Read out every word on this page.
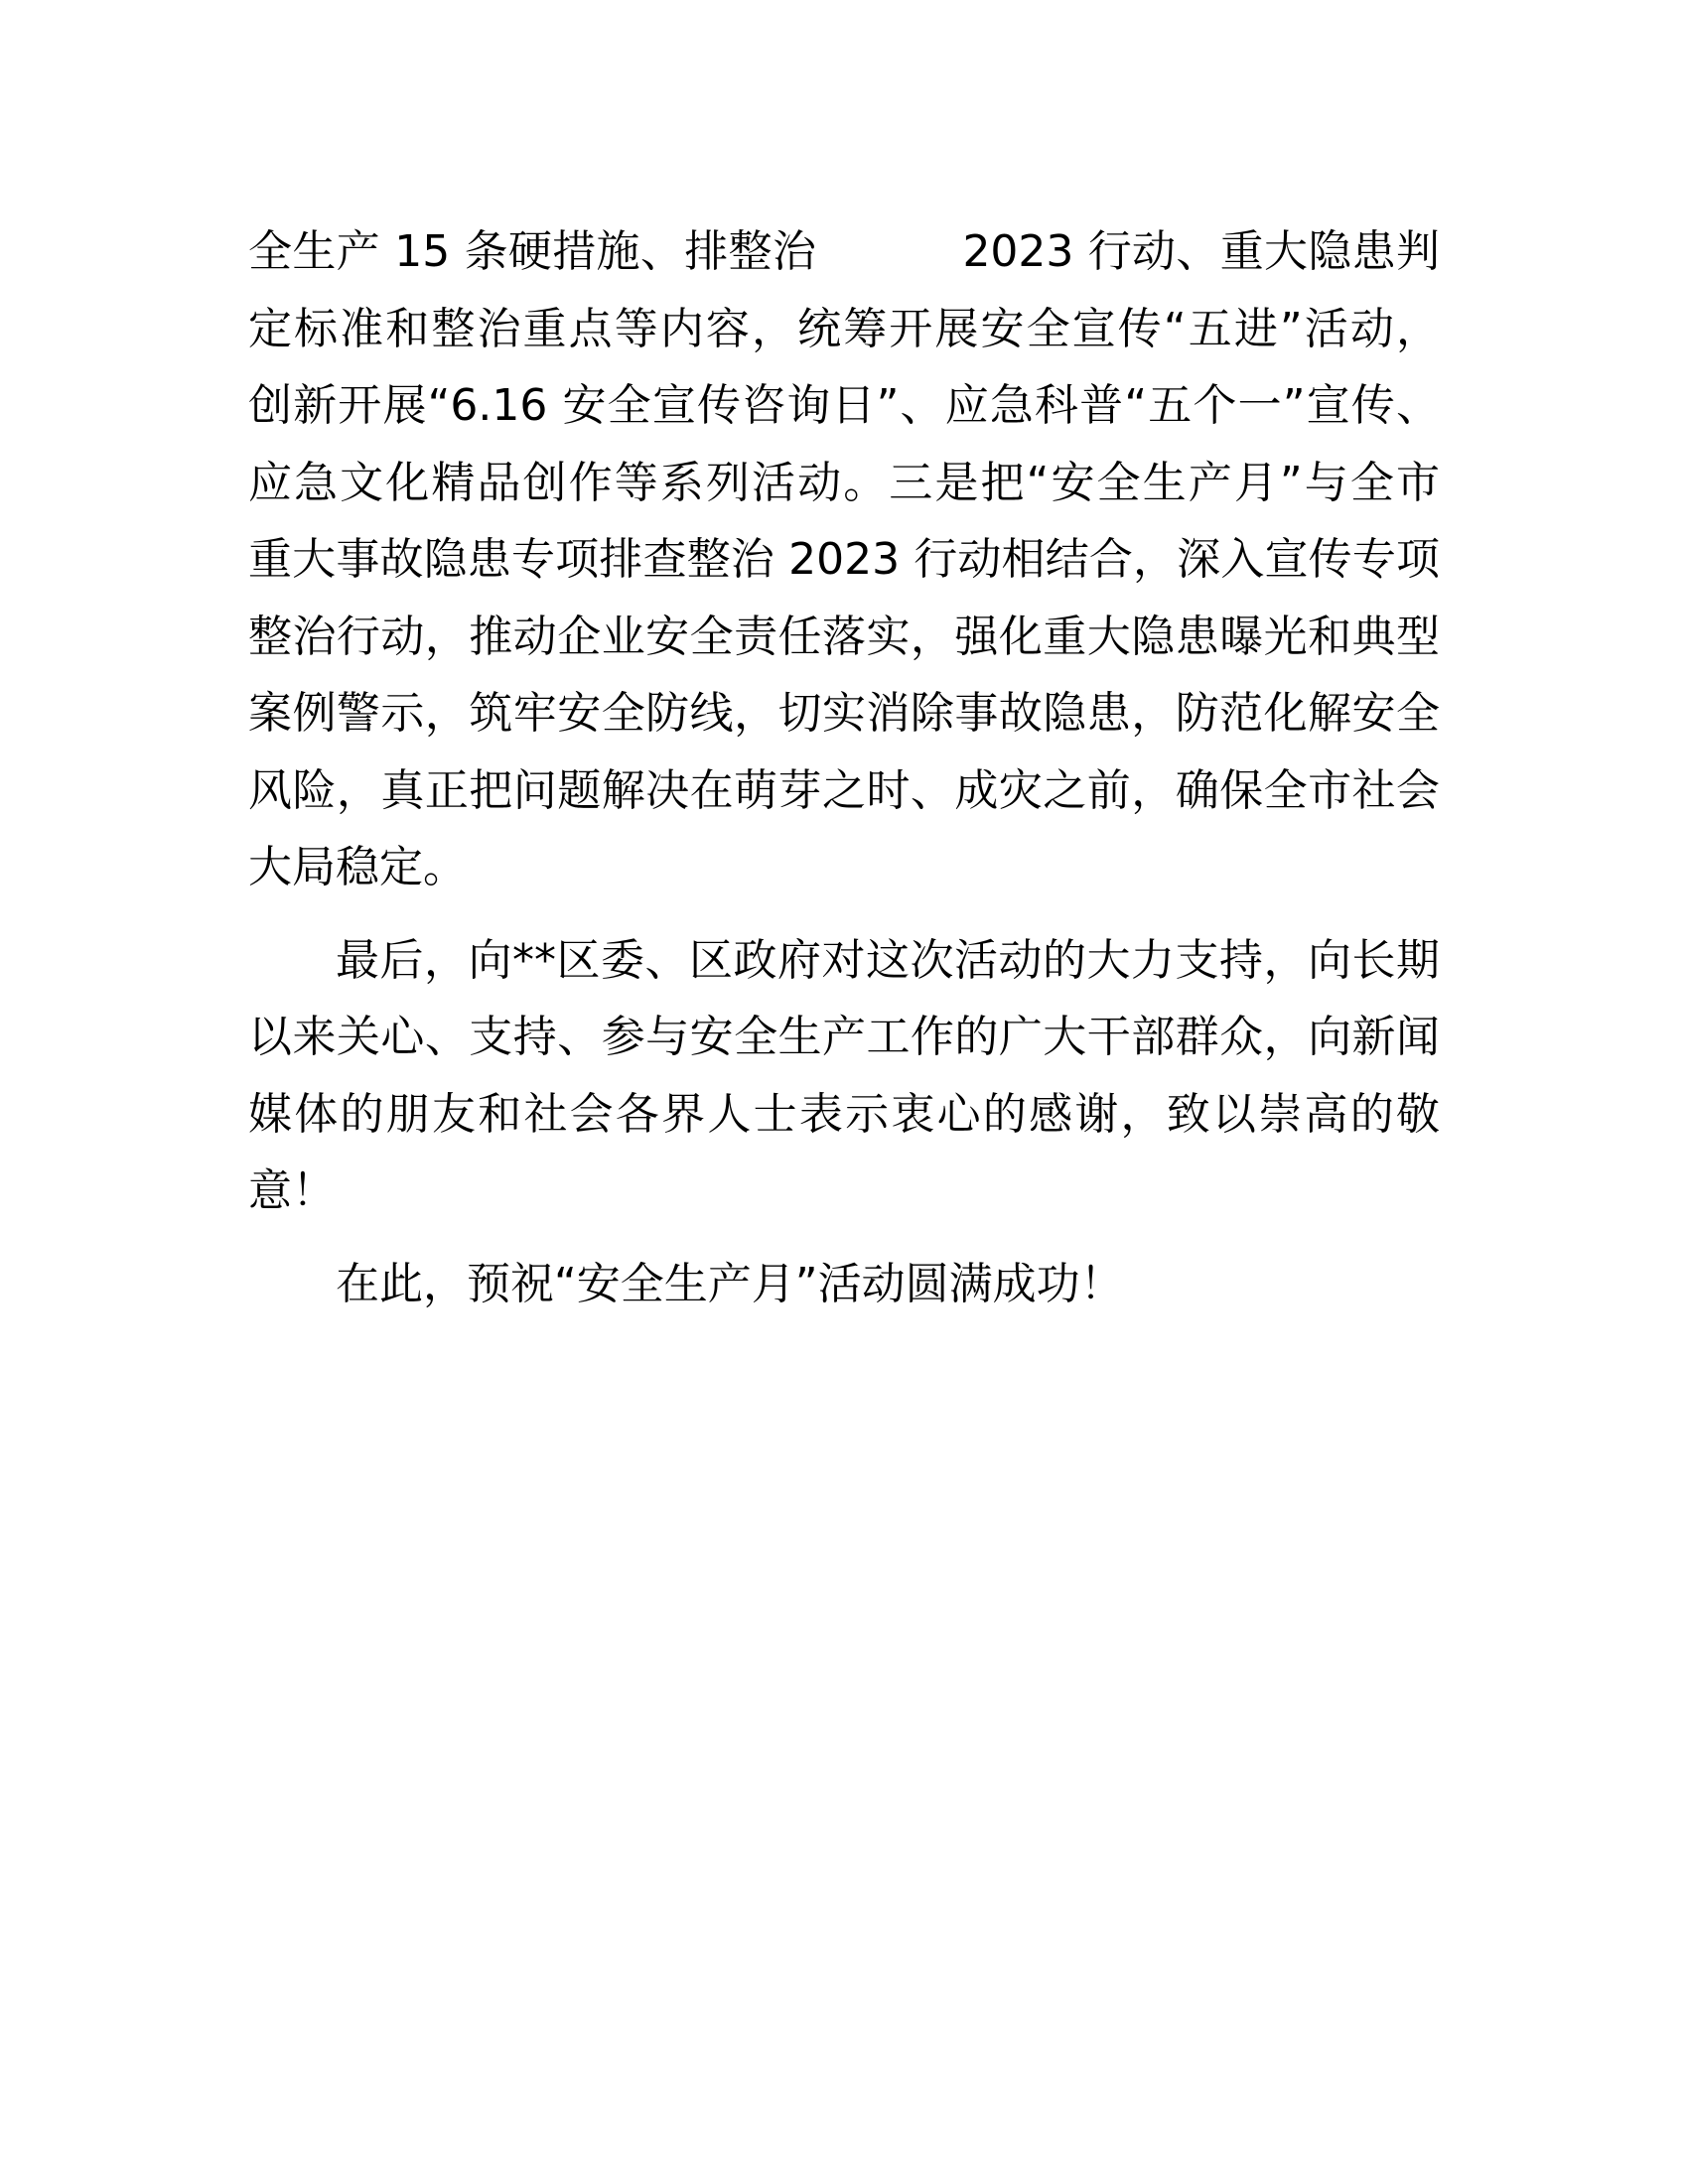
全生产 15 条硬措施、排整治　　　 2023 行动、重大隐患判
定标准和整治重点等内容，统筹开展安全宣传“五进”活动，
创新开展“6.16 安全宣传咨询日”、应急科普“五个一”宣传、
应急文化精品创作等系列活动。三是把“安全生产月”与全市
重大事故隐患专项排查整治 2023 行动相结合，深入宣传专项
整治行动，推动企业安全责任落实，强化重大隐患曝光和典型
案例警示，筑牢安全防线，切实消除事故隐患，防范化解安全
风险，真正把问题解决在萌芽之时、成灾之前，确保全市社会
大局稳定。
最后，向**区委、区政府对这次活动的大力支持，向长期
以来关心、支持、参与安全生产工作的广大干部群众，向新闻
媒体的朋友和社会各界人士表示衷心的感谢，致以崇高的敬
意！
在此，预祝“安全生产月”活动圆满成功！
